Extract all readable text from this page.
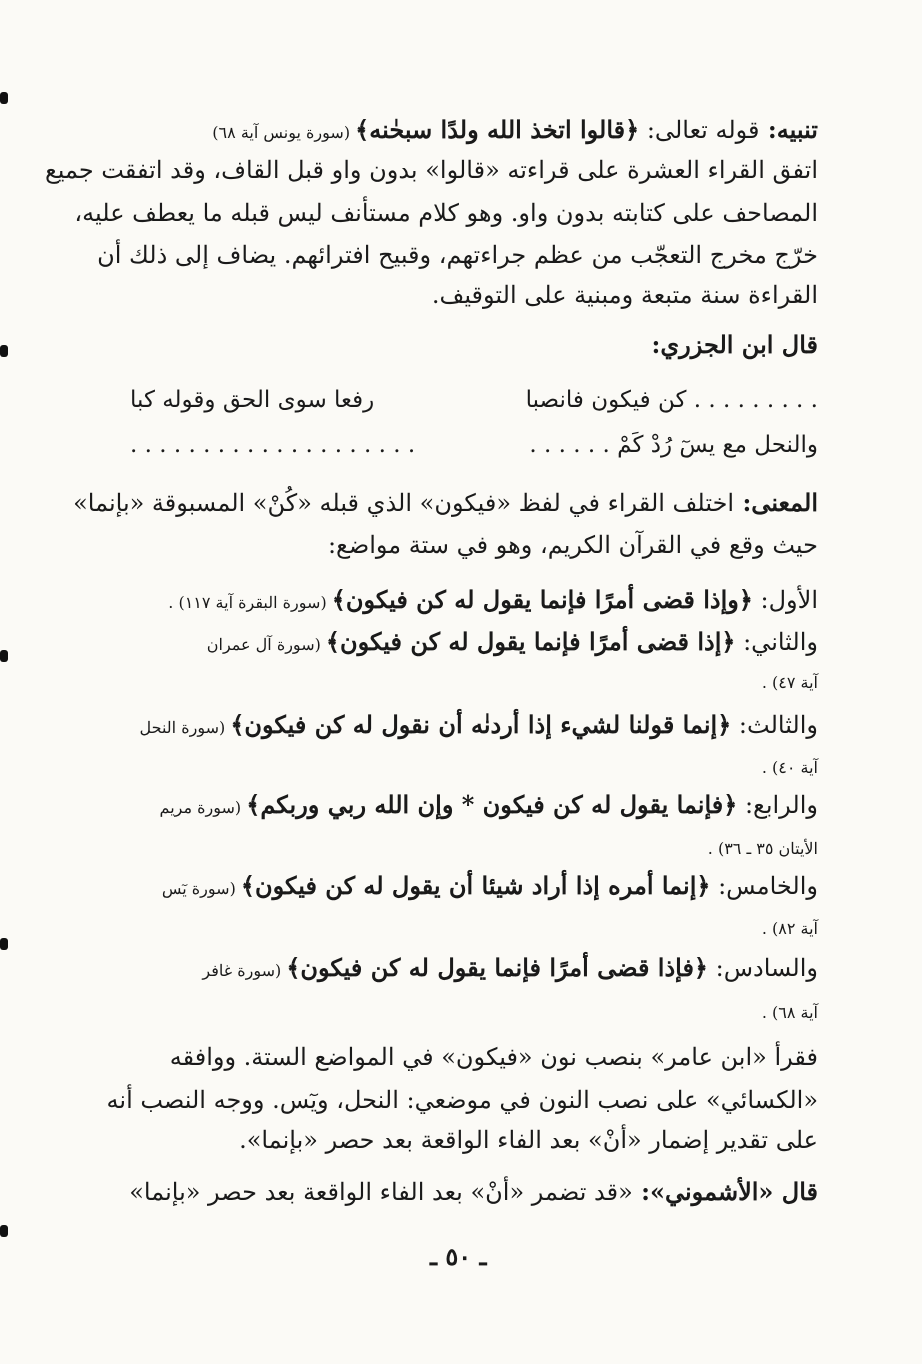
تنبيه: قوله تعالى: ﴿قالوا اتخذ الله ولدًا سبحٰنه﴾ (سورة يونس آية ٦٨)
اتفق القراء العشرة على قراءته «قالوا» بدون واو قبل القاف، وقد اتفقت جميع
المصاحف على كتابته بدون واو. وهو كلام مستأنف ليس قبله ما يعطف عليه،
خرّج مخرج التعجّب من عظم جراءتهم، وقبيح افترائهم. يضاف إلى ذلك أن
القراءة سنة متبعة ومبنية على التوقيف.
قال ابن الجزري:
المعنى: اختلف القراء في لفظ «فيكون» الذي قبله «كُنْ» المسبوقة «بإنما»
حيث وقع في القرآن الكريم، وهو في ستة مواضع:
الأول: ﴿وإذا قضى أمرًا فإنما يقول له كن فيكون﴾ (سورة البقرة آية ١١٧) .
والثاني: ﴿إذا قضى أمرًا فإنما يقول له كن فيكون﴾ (سورة آل عمران
آية ٤٧) .
والثالث: ﴿إنما قولنا لشيء إذا أردنٰه أن نقول له كن فيكون﴾ (سورة النحل
آية ٤٠) .
والرابع: ﴿فإنما يقول له كن فيكون * وإن الله ربي وربكم﴾ (سورة مريم
الأيتان ٣٥ ـ ٣٦) .
والخامس: ﴿إنما أمره إذا أراد شيئا أن يقول له كن فيكون﴾ (سورة يٓس
آية ٨٢) .
والسادس: ﴿فإذا قضى أمرًا فإنما يقول له كن فيكون﴾ (سورة غافر
آية ٦٨) .
فقرأ «ابن عامر» بنصب نون «فيكون» في المواضع الستة. ووافقه
«الكسائي» على نصب النون في موضعي: النحل، ويٓس. ووجه النصب أنه
على تقدير إضمار «أنْ» بعد الفاء الواقعة بعد حصر «بإنما».
قال «الأشموني»: «قد تضمر «أنْ» بعد الفاء الواقعة بعد حصر «بإنما»
. . . . . . . . . كن فيكون فانصبا
رفعا سوى الحق وقوله كبا
والنحل مع يسٓ رُدْ كَمْ . . . . . .
. . . . . . . . . . . . . . . . . . . .
ـ ٥٠ ـ
